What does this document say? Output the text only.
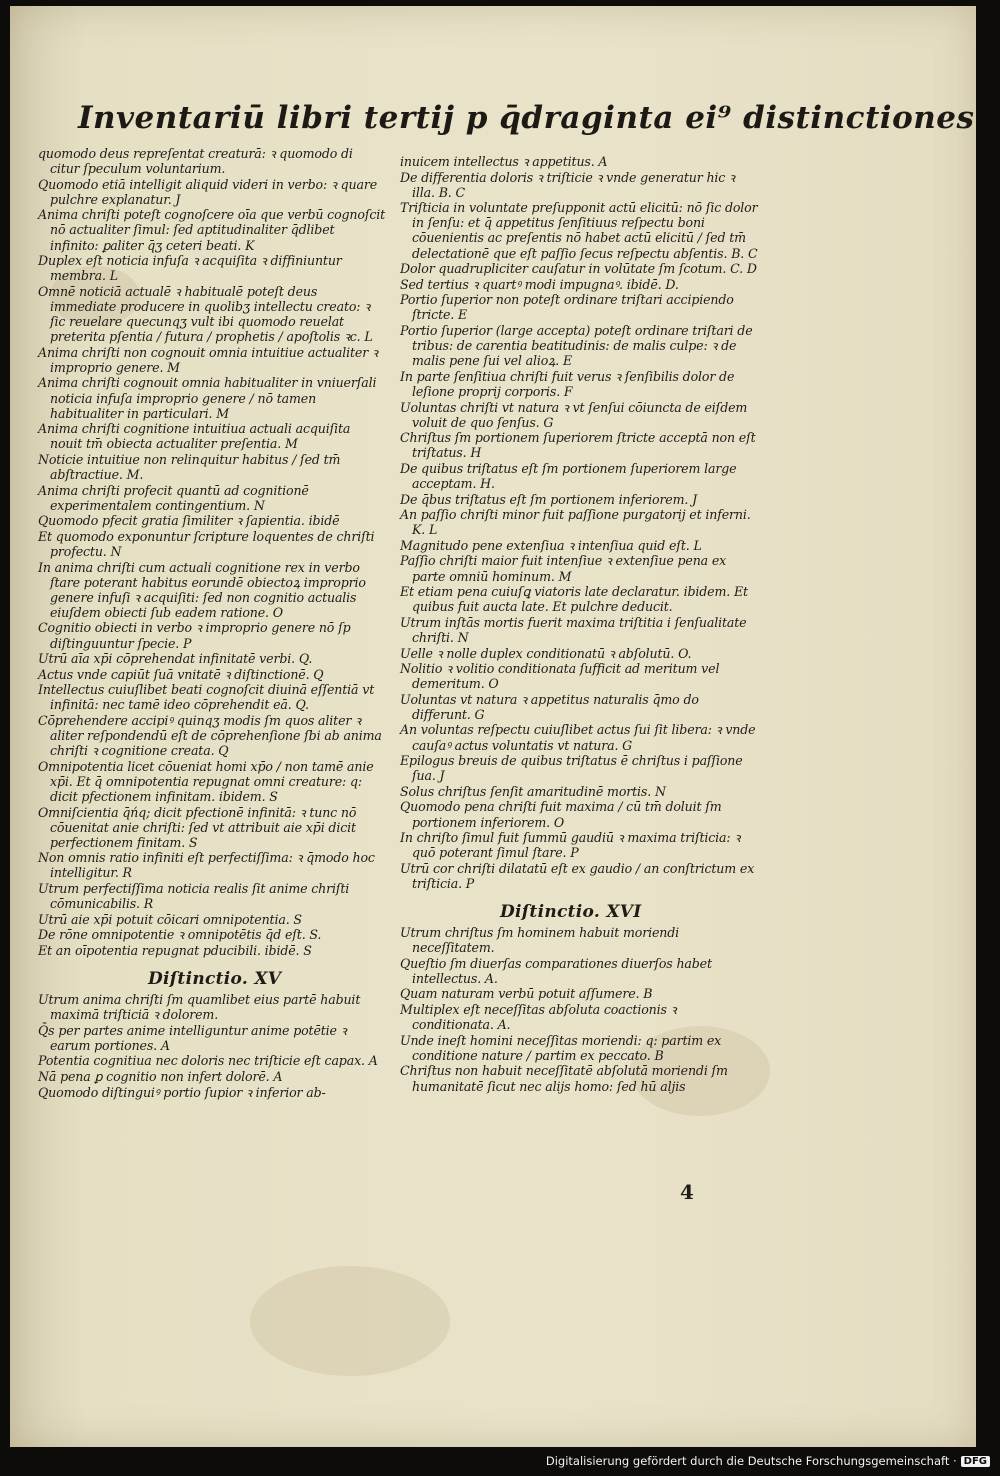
Inventariū libri tertij p q̄draginta ei⁹ distinctiones
quomodo deus repreſentat creaturā: ꝛ quomodo di citur ſpeculum voluntarium.
Quomodo etiā intelligit aliquid videri in verbo: ꝛ quare pulchre explanatur. J
Anima chriſti poteſt cognoſcere oīa que verbū cognoſcit nō actualiter ſimul: ſed aptitudinaliter q̄dlibet infinito: ꝑaliter q̄ʒ ceteri beati. K
Duplex eſt noticia infuſa ꝛ acquiſita ꝛ diffiniuntur membra. L
Omnē noticiā actualē ꝛ habitualē poteſt deus immediate producere in quolibʒ intellectu creato: ꝛ ſic reuelare quecunqʒ vult ibi quomodo reuelat preterita pſentia / futura / prophetis / apoſtolis ꝛc. L
Anima chriſti non cognouit omnia intuitiue actualiter ꝛ improprio genere. M
Anima chriſti cognouit omnia habitualiter in vniuerſali noticia infuſa improprio genere / nō tamen habitualiter in particulari. M
Anima chriſti cognitione intuitiua actuali acquiſita nouit tm̄ obiecta actualiter preſentia. M
Noticie intuitiue non relinquitur habitus / ſed tm̄ abſtractiue. M.
Anima chriſti profecit quantū ad cognitionē experimentalem contingentium. N
Quomodo pfecit gratia ſimiliter ꝛ ſapientia. ibidē
Et quomodo exponuntur ſcripture loquentes de chriſti profectu. N
In anima chriſti cum actuali cognitione rex in verbo ſtare poterant habitus eorundē obiectoꝝ improprio genere infuſi ꝛ acquiſiti: ſed non cognitio actualis eiuſdem obiecti ſub eadem ratione. O
Cognitio obiecti in verbo ꝛ improprio genere nō ſp diſtinguuntur ſpecie. P
Utrū aīa xp̄i cōprehendat infinitatē verbi. Q.
Actus vnde capiūt ſuā vnitatē ꝛ diſtinctionē. Q
Intellectus cuiuſlibet beati cognoſcit diuinā eſſentiā vt infinitā: nec tamē ideo cōprehendit eā. Q.
Cōprehendere accipiꝰ quinqʒ modis ſm quos aliter ꝛ aliter reſpondendū eſt de cōprehenſione ſbi ab anima chriſti ꝛ cognitione creata. Q
Omnipotentia licet cōueniat homi xp̄o / non tamē anie xp̄i. Et q̄ omnipotentia repugnat omni creature: q: dicit pfectionem infinitam. ibidem. S
Omniſcientia q̄ńq; dicit pfectionē infinitā: ꝛ tunc nō cōuenitat anie chriſti: ſed vt attribuit aie xp̄i dicit perfectionem finitam. S
Non omnis ratio infiniti eſt perfectiſſima: ꝛ q̄modo hoc intelligitur. R
Utrum perfectiſſima noticia realis ſit anime chriſti cōmunicabilis. R
Utrū aie xp̄i potuit cōicari omnipotentia. S
De rōne omnipotentie ꝛ omnipotētis q̄d eſt. S.
Et an oīpotentia repugnat pducibili. ibidē. S
Diſtinctio. XV
Utrum anima chriſti ſm quamlibet eius partē habuit maximā triſticiā ꝛ dolorem.
Q̄s per partes anime intelliguntur anime potētie ꝛ earum portiones. A
Potentia cognitiua nec doloris nec triſticie eſt capax. A
Nā pena ꝑ cognitio non infert dolorē. A
Quomodo diſtinguiꝰ portio ſupior ꝛ inferior ab-
inuicem intellectus ꝛ appetitus. A
De differentia doloris ꝛ triſticie ꝛ vnde generatur hic ꝛ illa. B. C
Triſticia in voluntate preſupponit actū elicitū: nō ſic dolor in ſenſu: et q̄ appetitus ſenſitiuus reſpectu boni cōuenientis ac preſentis nō habet actū elicitū / ſed tm̄ delectationē que eſt paſſio ſecus reſpectu abſentis. B. C
Dolor quadrupliciter cauſatur in volūtate ſm ſcotum. C. D
Sed tertius ꝛ quartꝰ modi impugnaꝰ. ibidē. D.
Portio ſuperior non poteſt ordinare triſtari accipiendo ſtricte. E
Portio ſuperior (large accepta) poteſt ordinare triſtari de tribus: de carentia beatitudinis: de malis culpe: ꝛ de malis pene ſui vel alioꝝ. E
In parte ſenſitiua chriſti fuit verus ꝛ ſenſibilis dolor de leſione proprij corporis. F
Uoluntas chriſti vt natura ꝛ vt ſenſui cōiuncta de eiſdem voluit de quo ſenſus. G
Chriſtus ſm portionem ſuperiorem ſtricte acceptā non eſt triſtatus. H
De quibus triſtatus eſt ſm portionem ſuperiorem large acceptam. H.
De q̄bus triſtatus eſt ſm portionem inferiorem. J
An paſſio chriſti minor fuit paſſione purgatorij et inferni. K. L
Magnitudo pene extenſiua ꝛ intenſiua quid eſt. L
Paſſio chriſti maior fuit intenſiue ꝛ extenſiue pena ex parte omniū hominum. M
Et etiam pena cuiuſꝗ viatoris late declaratur. ibidem. Et quibus fuit aucta late. Et pulchre deducit.
Utrum inſtās mortis fuerit maxima triſtitia i ſenſualitate chriſti. N
Uelle ꝛ nolle duplex conditionatū ꝛ abſolutū. O.
Nolitio ꝛ volitio conditionata ſufficit ad meritum vel demeritum. O
Uoluntas vt natura ꝛ appetitus naturalis q̄mo do differunt. G
An voluntas reſpectu cuiuſlibet actus ſui ſit libera: ꝛ vnde cauſaꝰ actus voluntatis vt natura. G
Epilogus breuis de quibus triſtatus ē chriſtus i paſſione ſua. J
Solus chriſtus ſenſit amaritudinē mortis. N
Quomodo pena chriſti fuit maxima / cū tm̄ doluit ſm portionem inferiorem. O
In chriſto ſimul fuit ſummū gaudiū ꝛ maxima triſticia: ꝛ quō poterant ſimul ſtare. P
Utrū cor chriſti dilatatū eſt ex gaudio / an conſtrictum ex triſticia. P
Diſtinctio. XVI
Utrum chriſtus ſm hominem habuit moriendi neceſſitatem.
Queſtio ſm diuerſas comparationes diuerſos habet intellectus. A.
Quam naturam verbū potuit aſſumere. B
Multiplex eſt neceſſitas abſoluta coactionis ꝛ conditionata. A.
Unde ineſt homini neceſſitas moriendi: q: partim ex conditione nature / partim ex peccato. B
Chriſtus non habuit neceſſitatē abſolutā moriendi ſm humanitatē ſicut nec alijs homo: ſed hū aljis
4
Digitalisierung gefördert durch die Deutsche Forschungsgemeinschaft · DFG
